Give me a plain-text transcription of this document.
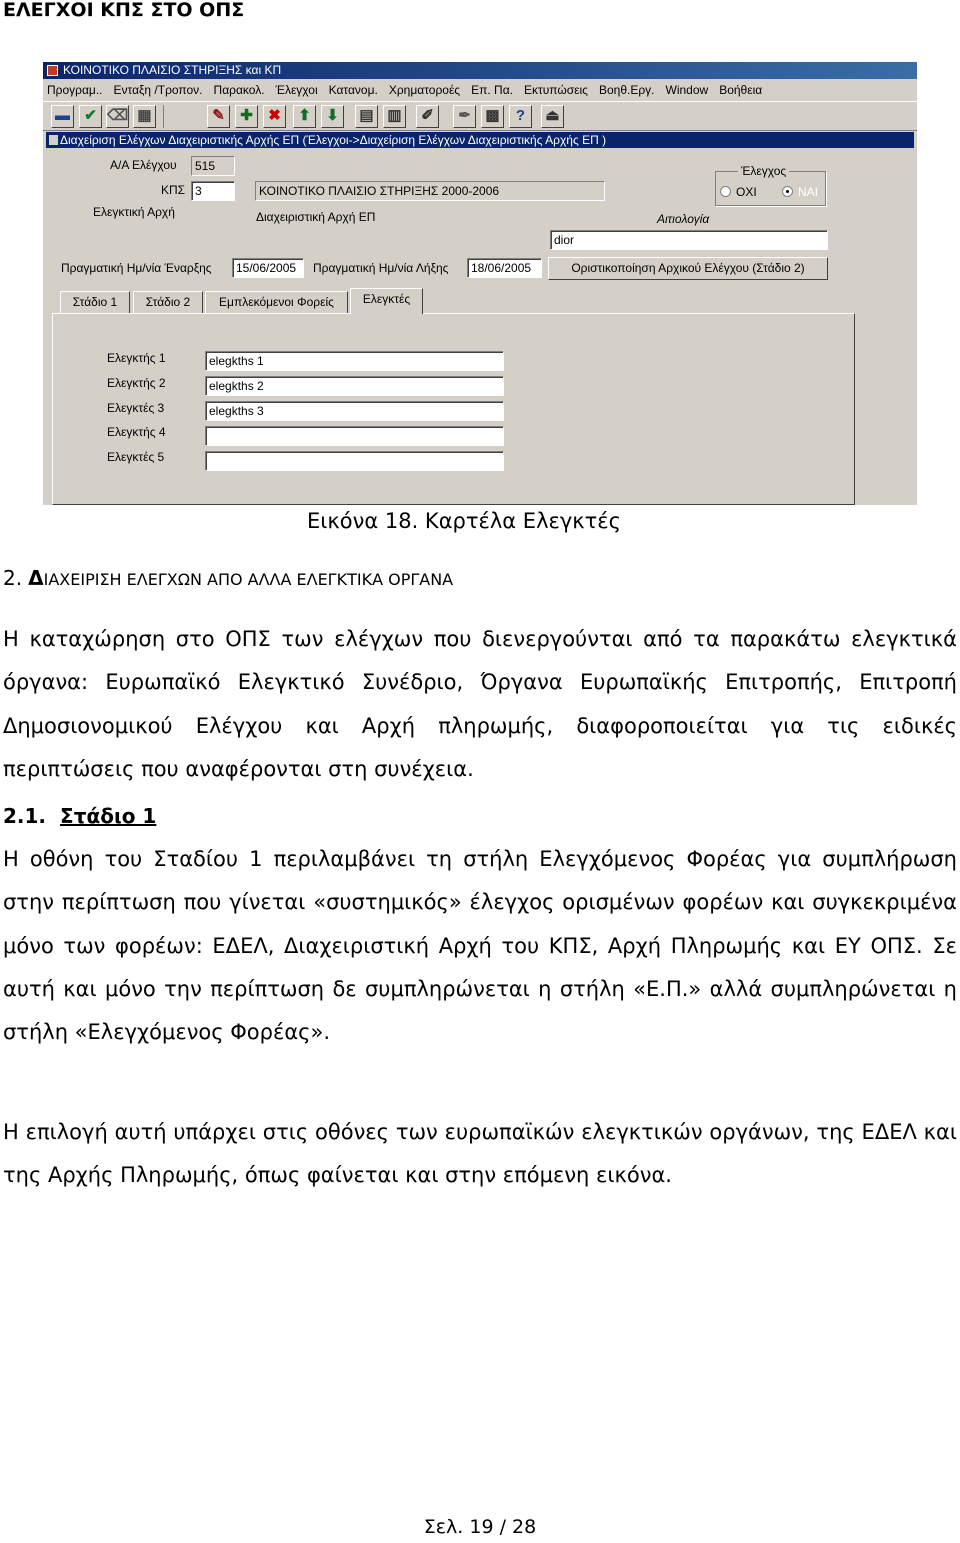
ΕΛΕΓΧΟΙ ΚΠΣ ΣΤΟ ΟΠΣ
ΚΟΙΝΟΤΙΚΟ ΠΛΑΙΣΙΟ ΣΤΗΡΙΞΗΣ και ΚΠ
Προγραμ.. Ενταξη /Τροπον. Παρακολ. Έλεγχοι Κατανομ. Χρηματοροές Επ. Πα. Εκτυπώσεις Βοηθ.Εργ. Window Βοήθεια
▬ ✔ ⌫ ▦	✎	✚	✖	⬆	⬇	▤ ▥	✐	✒ ▩	?	⏏
Διαχείριση Ελέγχων Διαχειριστικής Αρχής ΕΠ (Έλεγχοι->Διαχείριση Ελέγχων Διαχειριστικής Αρχής ΕΠ )
Α/Α Ελέγχου	515
ΚΠΣ 3	ΚΟΙΝΟΤΙΚΟ ΠΛΑΙΣΙΟ ΣΤΗΡΙΞΗΣ 2000-2006
Ελεγκτική Αρχή	Διαχειριστική Αρχή ΕΠ
Έλεγχος
ΟΧΙ	ΝΑΙ
Αιτιολογία
dior
Πραγματική Ημ/νία Έναρξης	15/06/2005	Πραγματική Ημ/νία Λήξης	18/06/2005	Οριστικοποίηση Αρχικού Ελέγχου (Στάδιο 2)
Στάδιο 1	Στάδιο 2	Εμπλεκόμενοι Φορείς	Ελεγκτές
Ελεγκτής 1	elegkths 1
Ελεγκτής 2	elegkths 2
Ελεγκτές 3	elegkths 3
Ελεγκτής 4
Ελεγκτές 5
Εικόνα 18. Καρτέλα Ελεγκτές
2. ΔΙΑΧΕΙΡΙΣΗ ΕΛΕΓΧΩΝ ΑΠΟ ΑΛΛΑ ΕΛΕΓΚΤΙΚΑ ΟΡΓΑΝΑ
Η καταχώρηση στο ΟΠΣ των ελέγχων που διενεργούνται από τα παρακάτω ελεγκτικά όργανα: Ευρωπαϊκό Ελεγκτικό Συνέδριο, Όργανα Ευρωπαϊκής Επιτροπής, Επιτροπή Δημοσιονομικού Ελέγχου και Αρχή πληρωμής, διαφοροποιείται για τις ειδικές περιπτώσεις που αναφέρονται στη συνέχεια.
2.1. Στάδιο 1
Η οθόνη του Σταδίου 1 περιλαμβάνει τη στήλη Ελεγχόμενος Φορέας για συμπλήρωση στην περίπτωση που γίνεται «συστημικός» έλεγχος ορισμένων φορέων και συγκεκριμένα μόνο των φορέων: ΕΔΕΛ, Διαχειριστική Αρχή του ΚΠΣ, Αρχή Πληρωμής και ΕΥ ΟΠΣ. Σε αυτή και μόνο την περίπτωση δε συμπληρώνεται η στήλη «Ε.Π.» αλλά συμπληρώνεται η στήλη «Ελεγχόμενος Φορέας».
Η επιλογή αυτή υπάρχει στις οθόνες των ευρωπαϊκών ελεγκτικών οργάνων, της ΕΔΕΛ και της Αρχής Πληρωμής, όπως φαίνεται και στην επόμενη εικόνα.
Σελ. 19 / 28
